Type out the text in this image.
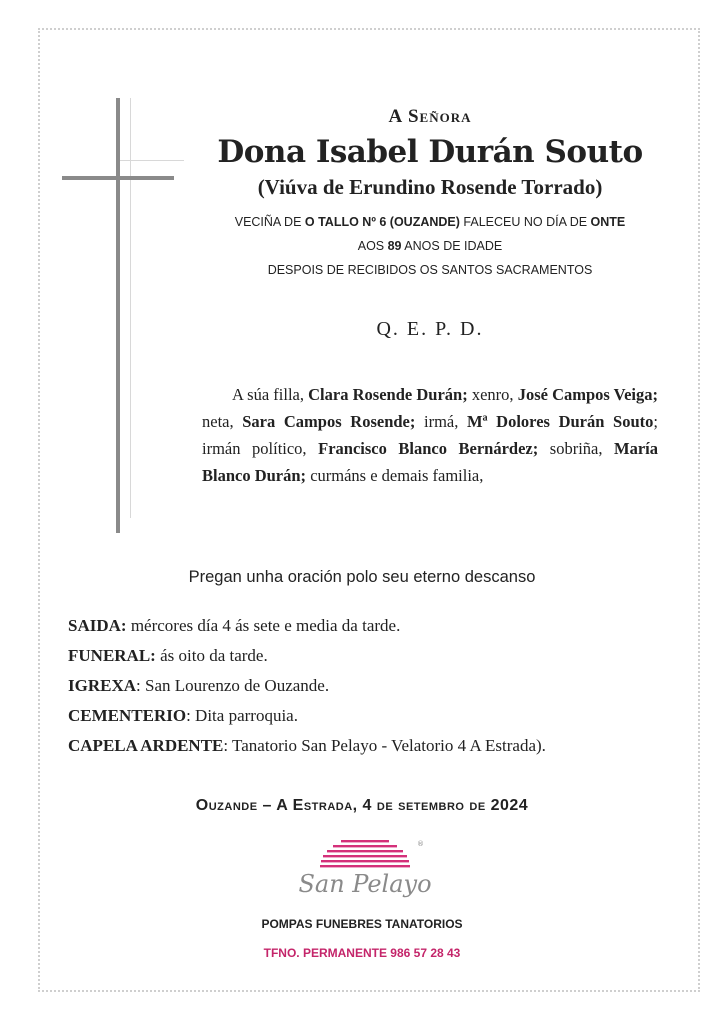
A Señora
Dona Isabel Durán Souto
(Viúva de Erundino Rosende Torrado)
VECIÑA DE O TALLO Nº 6 (OUZANDE) FALECEU NO DÍA DE ONTE
AOS 89 ANOS DE IDADE
DESPOIS DE RECIBIDOS OS SANTOS SACRAMENTOS
Q. E. P. D.
A súa filla, Clara Rosende Durán; xenro, José Campos Veiga; neta, Sara Campos Rosende; irmá, Mª Dolores Durán Souto; irmán político, Francisco Blanco Bernárdez; sobriña, María Blanco Durán; curmáns e demais familia,
Pregan unha oración polo seu eterno descanso
SAIDA: mércores día 4 ás sete e media da tarde.
FUNERAL: ás oito da tarde.
IGREXA: San Lourenzo de Ouzande.
CEMENTERIO: Dita parroquia.
CAPELA ARDENTE: Tanatorio San Pelayo - Velatorio 4 A Estrada).
Ouzande – A Estrada, 4 de setembro de 2024
San Pelayo
®
POMPAS FUNEBRES TANATORIOS
TFNO. PERMANENTE 986 57 28 43
